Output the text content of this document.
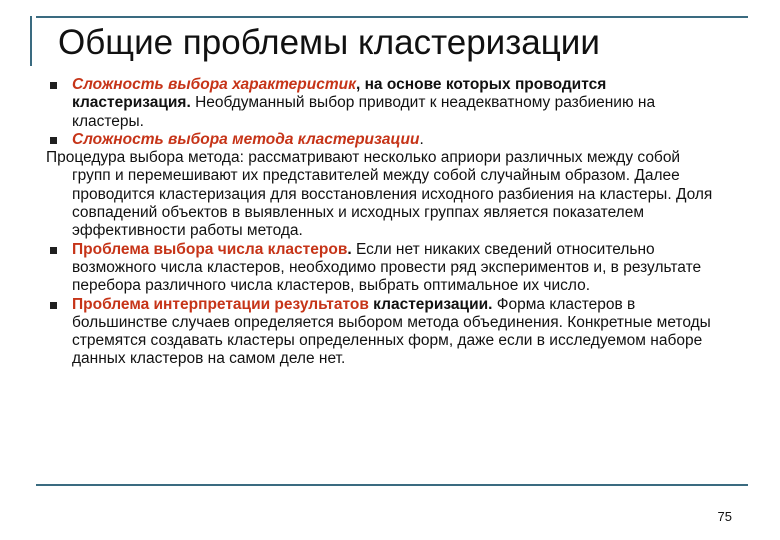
Общие проблемы кластеризации

Сложность выбора характеристик, на основе которых проводится кластеризация. Необдуманный выбор приводит к неадекватному разбиению на кластеры.

Сложность выбора метода кластеризации.

Процедура выбора метода: рассматривают несколько априори различных между собой групп и перемешивают их представителей между собой случайным образом. Далее проводится кластеризация для восстановления исходного разбиения на кластеры. Доля совпадений объектов в выявленных и исходных группах является показателем эффективности работы метода.

Проблема выбора числа кластеров. Если нет никаких сведений относительно возможного числа кластеров, необходимо провести ряд экспериментов и, в результате перебора различного числа кластеров, выбрать оптимальное их число.

Проблема интерпретации результатов кластеризации. Форма кластеров в большинстве случаев определяется выбором метода объединения. Конкретные методы стремятся создавать кластеры определенных форм, даже если в исследуемом наборе данных кластеров на самом деле нет.

75
